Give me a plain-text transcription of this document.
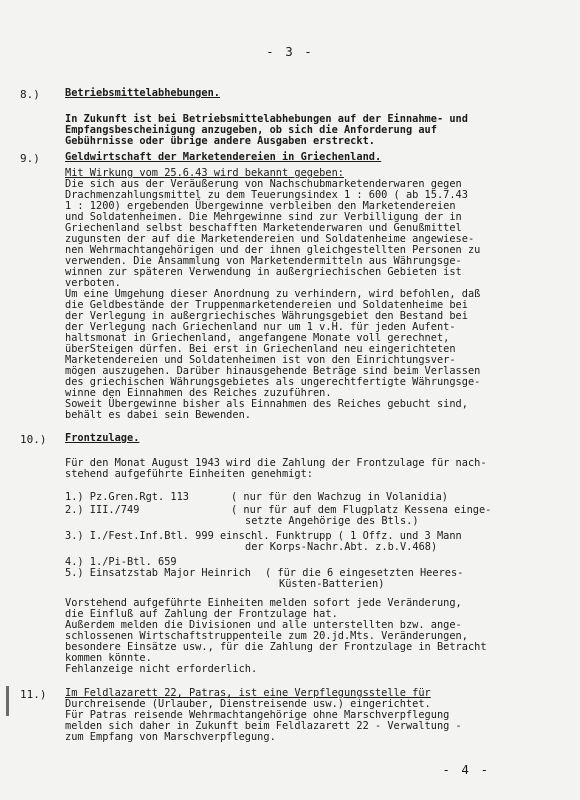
- 3 -
8.) Betriebsmittelabhebungen.
In Zukunft ist bei Betriebsmittelabhebungen auf der Einnahme- und
Empfangsbescheinigung anzugeben, ob sich die Anforderung auf
Gebührnisse oder übrige andere Ausgaben erstreckt.
9.) Geldwirtschaft der Marketendereien in Griechenland.
Mit Wirkung vom 25.6.43 wird bekannt gegeben:
Die sich aus der Veräußerung von Nachschubmarketenderwaren gegen
Drachmenzahlungsmittel zu dem Teuerungsindex 1 : 600 ( ab 15.7.43
1 : 1200) ergebenden Übergewinne verbleiben den Marketendereien
und Soldatenheimen. Die Mehrgewinne sind zur Verbilligung der in
Griechenland selbst beschafften Marketenderwaren und Genußmittel
zugunsten der auf die Marketendereien und Soldatenheime angewiese-
nen Wehrmachtangehörigen und der ihnen gleichgestellten Personen zu
verwenden. Die Ansammlung von Marketendermitteln aus Währungsge-
winnen zur späteren Verwendung in außergriechischen Gebieten ist
verboten.
Um eine Umgehung dieser Anordnung zu verhindern, wird befohlen, daß
die Geldbestände der Truppenmarketendereien und Soldatenheime bei
der Verlegung in außergriechisches Währungsgebiet den Bestand bei
der Verlegung nach Griechenland nur um 1 v.H. für jeden Aufent-
haltsmonat in Griechenland, angefangene Monate voll gerechnet,
überSteigen dürfen. Bei erst in Griechenland neu eingerichteten
Marketendereien und Soldatenheimen ist von den Einrichtungsver-
mögen auszugehen. Darüber hinausgehende Beträge sind beim Verlassen
des griechischen Währungsgebietes als ungerechtfertigte Währungsge-
winne den Einnahmen des Reiches zuzuführen.
Soweit Übergewinne bisher als Einnahmen des Reiches gebucht sind,
behält es dabei sein Bewenden.
10.) Frontzulage.
Für den Monat August 1943 wird die Zahlung der Frontzulage für nach-
stehend aufgeführte Einheiten genehmigt:
1.) Pz.Gren.Rgt. 113	( nur für den Wachzug in Volanidia)
2.) III./749	( nur für auf dem Flugplatz Kessena einge-
setzte Angehörige des Btls.)
3.) I./Fest.Inf.Btl. 999 einschl. Funktrupp ( 1 Offz. und 3 Mann
der Korps-Nachr.Abt. z.b.V.468)
4.) 1./Pi-Btl. 659
5.) Einsatzstab Major Heinrich ( für die 6 eingesetzten Heeres-
Küsten-Batterien)
Vorstehend aufgeführte Einheiten melden sofort jede Veränderung,
die Einfluß auf Zahlung der Frontzulage hat.
Außerdem melden die Divisionen und alle unterstellten bzw. ange-
schlossenen Wirtschaftstruppenteile zum 20.jd.Mts. Veränderungen,
besondere Einsätze usw., für die Zahlung der Frontzulage in Betracht
kommen könnte.
Fehlanzeige nicht erforderlich.
11.) Im Feldlazarett 22, Patras, ist eine Verpflegungsstelle für
Durchreisende (Urlauber, Dienstreisende usw.) eingerichtet.
Für Patras reisende Wehrmachtangehörige ohne Marschverpflegung
melden sich daher in Zukunft beim Feldlazarett 22 - Verwaltung -
zum Empfang von Marschverpflegung.
- 4 -
